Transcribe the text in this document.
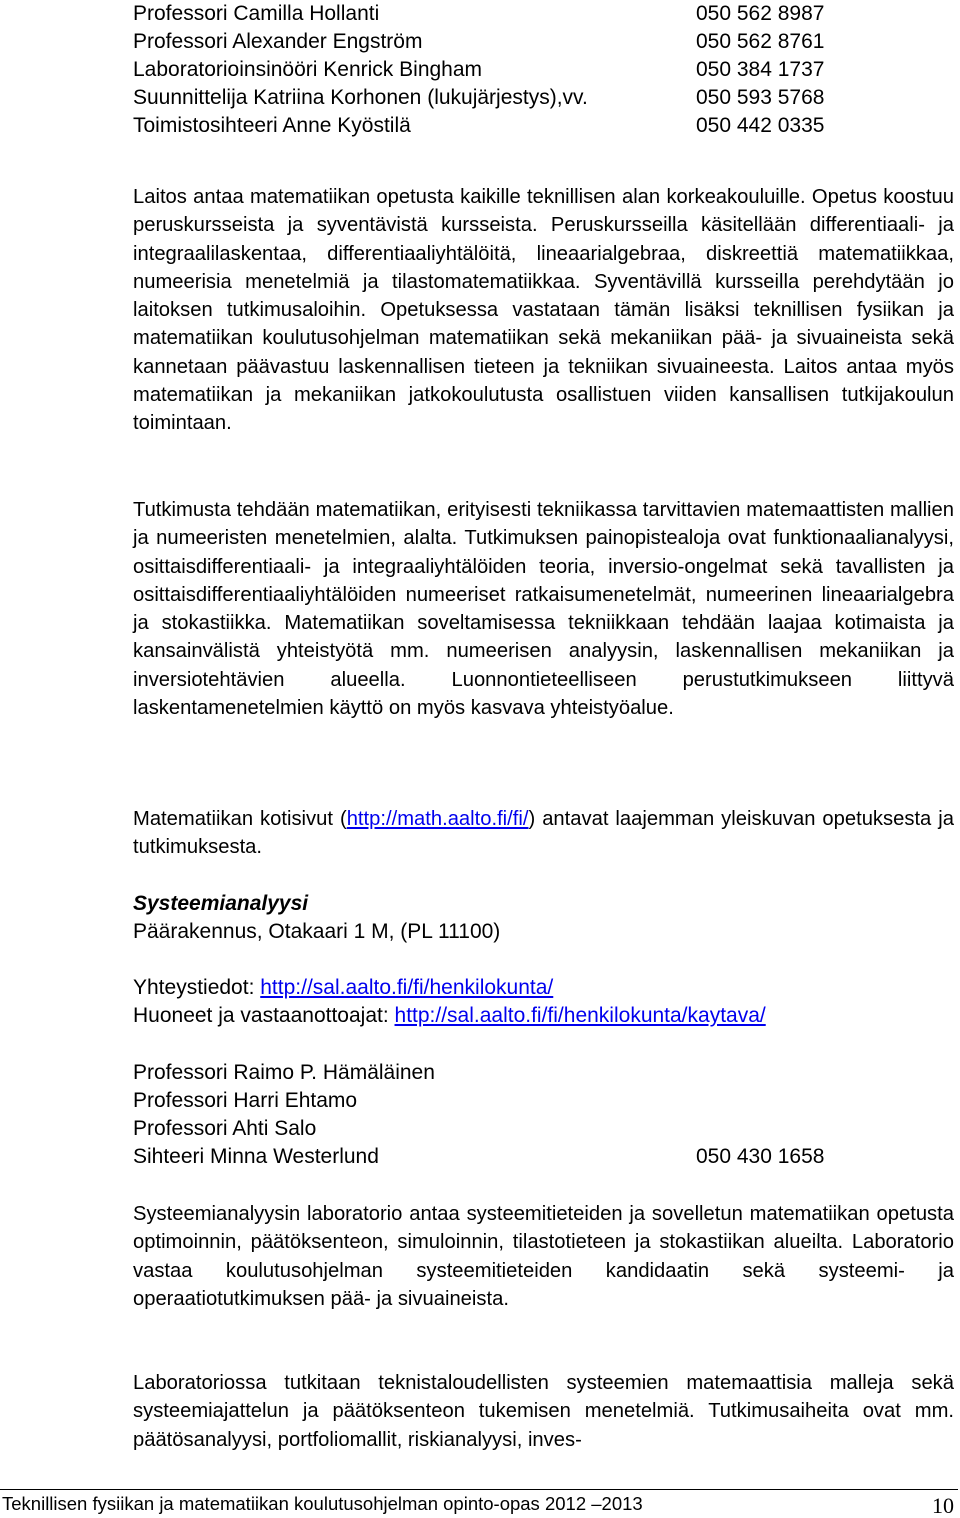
Professori Camilla Hollanti	050 562 8987
Professori Alexander Engström	050 562 8761
Laboratorioinsinööri Kenrick Bingham	050 384 1737
Suunnittelija Katriina Korhonen (lukujärjestys),vv.	050 593 5768
Toimistosihteeri Anne Kyöstilä	050 442 0335

Laitos antaa matematiikan opetusta kaikille teknillisen alan korkeakouluille. Opetus koostuu peruskursseista ja syventävistä kursseista. Peruskursseilla käsitellään differentiaali- ja integraalilaskentaa, differentiaaliyhtälöitä, lineaarialgebraa, diskreettiä matematiikkaa, numeerisia menetelmiä ja tilastomatematiikkaa. Syventävillä kursseilla perehdytään jo laitoksen tutkimusaloihin. Opetuksessa vastataan tämän lisäksi teknillisen fysiikan ja matematiikan koulutusohjelman matematiikan sekä mekaniikan pää- ja sivuaineista sekä kannetaan päävastuu laskennallisen tieteen ja tekniikan sivuaineesta. Laitos antaa myös matematiikan ja mekaniikan jatkokoulutusta osallistuen viiden kansallisen tutkijakoulun toimintaan.

Tutkimusta tehdään matematiikan, erityisesti tekniikassa tarvittavien matemaattisten mallien ja numeeristen menetelmien, alalta. Tutkimuksen painopistealoja ovat funktionaalianalyysi, osittaisdifferentiaali- ja integraaliyhtälöiden teoria, inversio-ongelmat sekä tavallisten ja osittaisdifferentiaaliyhtälöiden numeeriset ratkaisumenetelmät, numeerinen lineaarialgebra ja stokastiikka. Matematiikan soveltamisessa tekniikkaan tehdään laajaa kotimaista ja kansainvälistä yhteistyötä mm. numeerisen analyysin, laskennallisen mekaniikan ja inversiotehtävien alueella. Luonnontieteelliseen perustutkimukseen liittyvä laskentamenetelmien käyttö on myös kasvava yhteistyöalue.

Matematiikan kotisivut (http://math.aalto.fi/fi/) antavat laajemman yleiskuvan opetuksesta ja tutkimuksesta.

Systeemianalyysi
Päärakennus, Otakaari 1 M, (PL 11100)
Yhteystiedot: http://sal.aalto.fi/fi/henkilokunta/
Huoneet ja vastaanottoajat: http://sal.aalto.fi/fi/henkilokunta/kaytava/
Professori Raimo P. Hämäläinen
Professori Harri Ehtamo
Professori Ahti Salo
Sihteeri Minna Westerlund	050 430 1658

Systeemianalyysin laboratorio antaa systeemitieteiden ja sovelletun matematiikan opetusta optimoinnin, päätöksenteon, simuloinnin, tilastotieteen ja stokastiikan alueilta. Laboratorio vastaa koulutusohjelman systeemitieteiden kandidaatin sekä systeemi- ja operaatiotutkimuksen pää- ja sivuaineista.

Laboratoriossa tutkitaan teknistaloudellisten systeemien matemaattisia malleja sekä systeemiajattelun ja päätöksenteon tukemisen menetelmiä. Tutkimusaiheita ovat mm. päätösanalyysi, portfoliomallit, riskianalyysi, inves-

Teknillisen fysiikan ja matematiikan koulutusohjelman opinto-opas 2012 –2013	10
